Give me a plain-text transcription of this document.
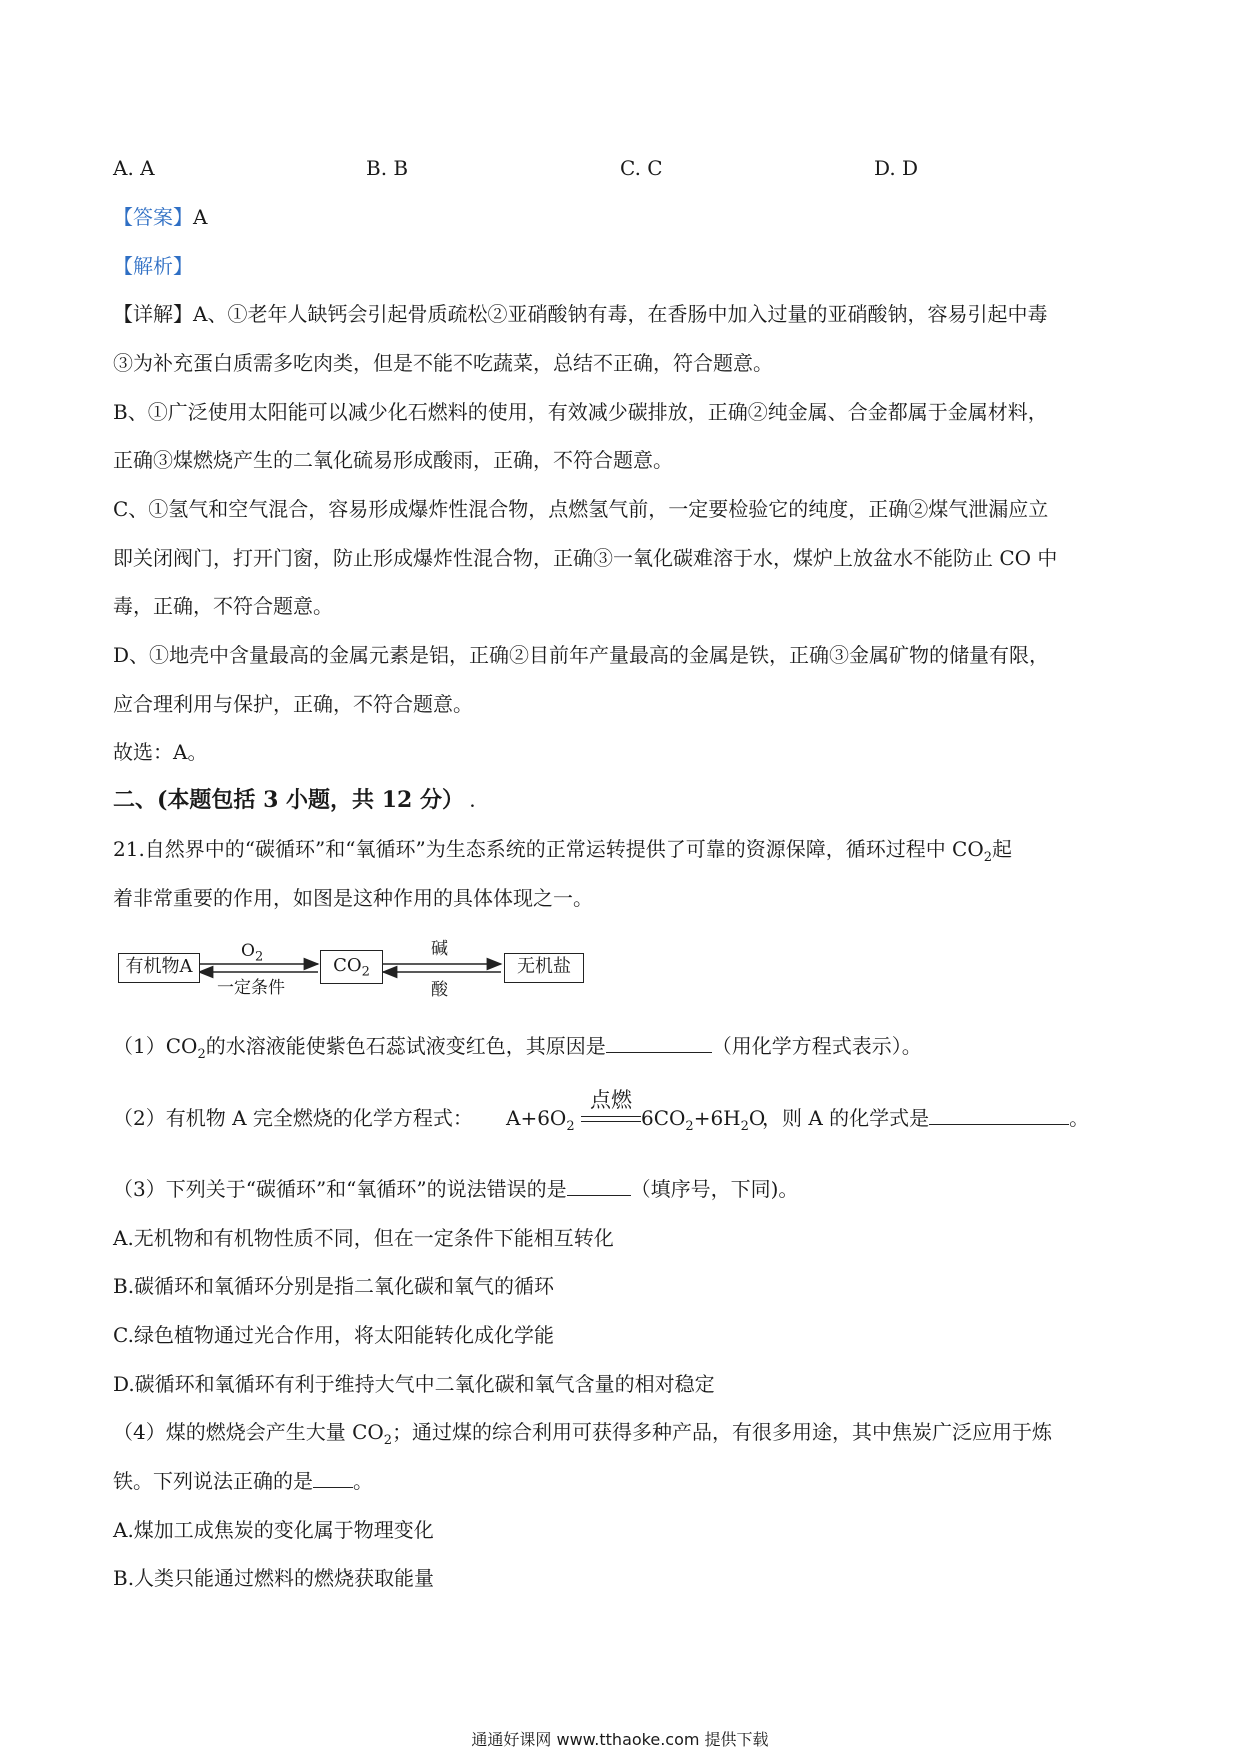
A. A	B. B	C. C	D. D
【答案】A
【解析】
【详解】A、①老年人缺钙会引起骨质疏松②亚硝酸钠有毒，在香肠中加入过量的亚硝酸钠，容易引起中毒
③为补充蛋白质需多吃肉类，但是不能不吃蔬菜，总结不正确，符合题意。
B、①广泛使用太阳能可以减少化石燃料的使用，有效减少碳排放，正确②纯金属、合金都属于金属材料，
正确③煤燃烧产生的二氧化硫易形成酸雨，正确，不符合题意。
C、①氢气和空气混合，容易形成爆炸性混合物，点燃氢气前，一定要检验它的纯度，正确②煤气泄漏应立
即关闭阀门，打开门窗，防止形成爆炸性混合物，正确③一氧化碳难溶于水，煤炉上放盆水不能防止 CO 中
毒，正确，不符合题意。
D、①地壳中含量最高的金属元素是铝，正确②目前年产量最高的金属是铁，正确③金属矿物的储量有限，
应合理利用与保护，正确，不符合题意。
故选：A。
二、(本题包括 3 小题，共 12 分） .
21.自然界中的“碳循环”和“氧循环”为生态系统的正常运转提供了可靠的资源保障，循环过程中 $CO_2$起
着非常重要的作用，如图是这种作用的具体体现之一。
有机物A	$CO_2$	无机盐
$O_2$
一定条件
碱
酸
$(1)CO_2$的水溶液能使紫色石蕊试液变红色，其原因是	（用化学方程式表示）。
（2）有机物 A 完全燃烧的化学方程式：	$A+6O_2$
点燃
$6CO_2+6H_2O$
，则 A 的化学式是	。
（3）下列关于“碳循环”和“氧循环”的说法错误的是	（填序号，下同)。
A.无机物和有机物性质不同，但在一定条件下能相互转化
B.碳循环和氧循环分别是指二氧化碳和氧气的循环
C.绿色植物通过光合作用，将太阳能转化成化学能
D.碳循环和氧循环有利于维持大气中二氧化碳和氧气含量的相对稳定
（4）煤的燃烧会产生大量 $CO_2$；通过煤的综合利用可获得多种产品，有很多用途，其中焦炭广泛应用于炼
铁。下列说法正确的是 。
A.煤加工成焦炭的变化属于物理变化
B.人类只能通过燃料的燃烧获取能量
通通好课网 www.tthaoke.com 提供下载
